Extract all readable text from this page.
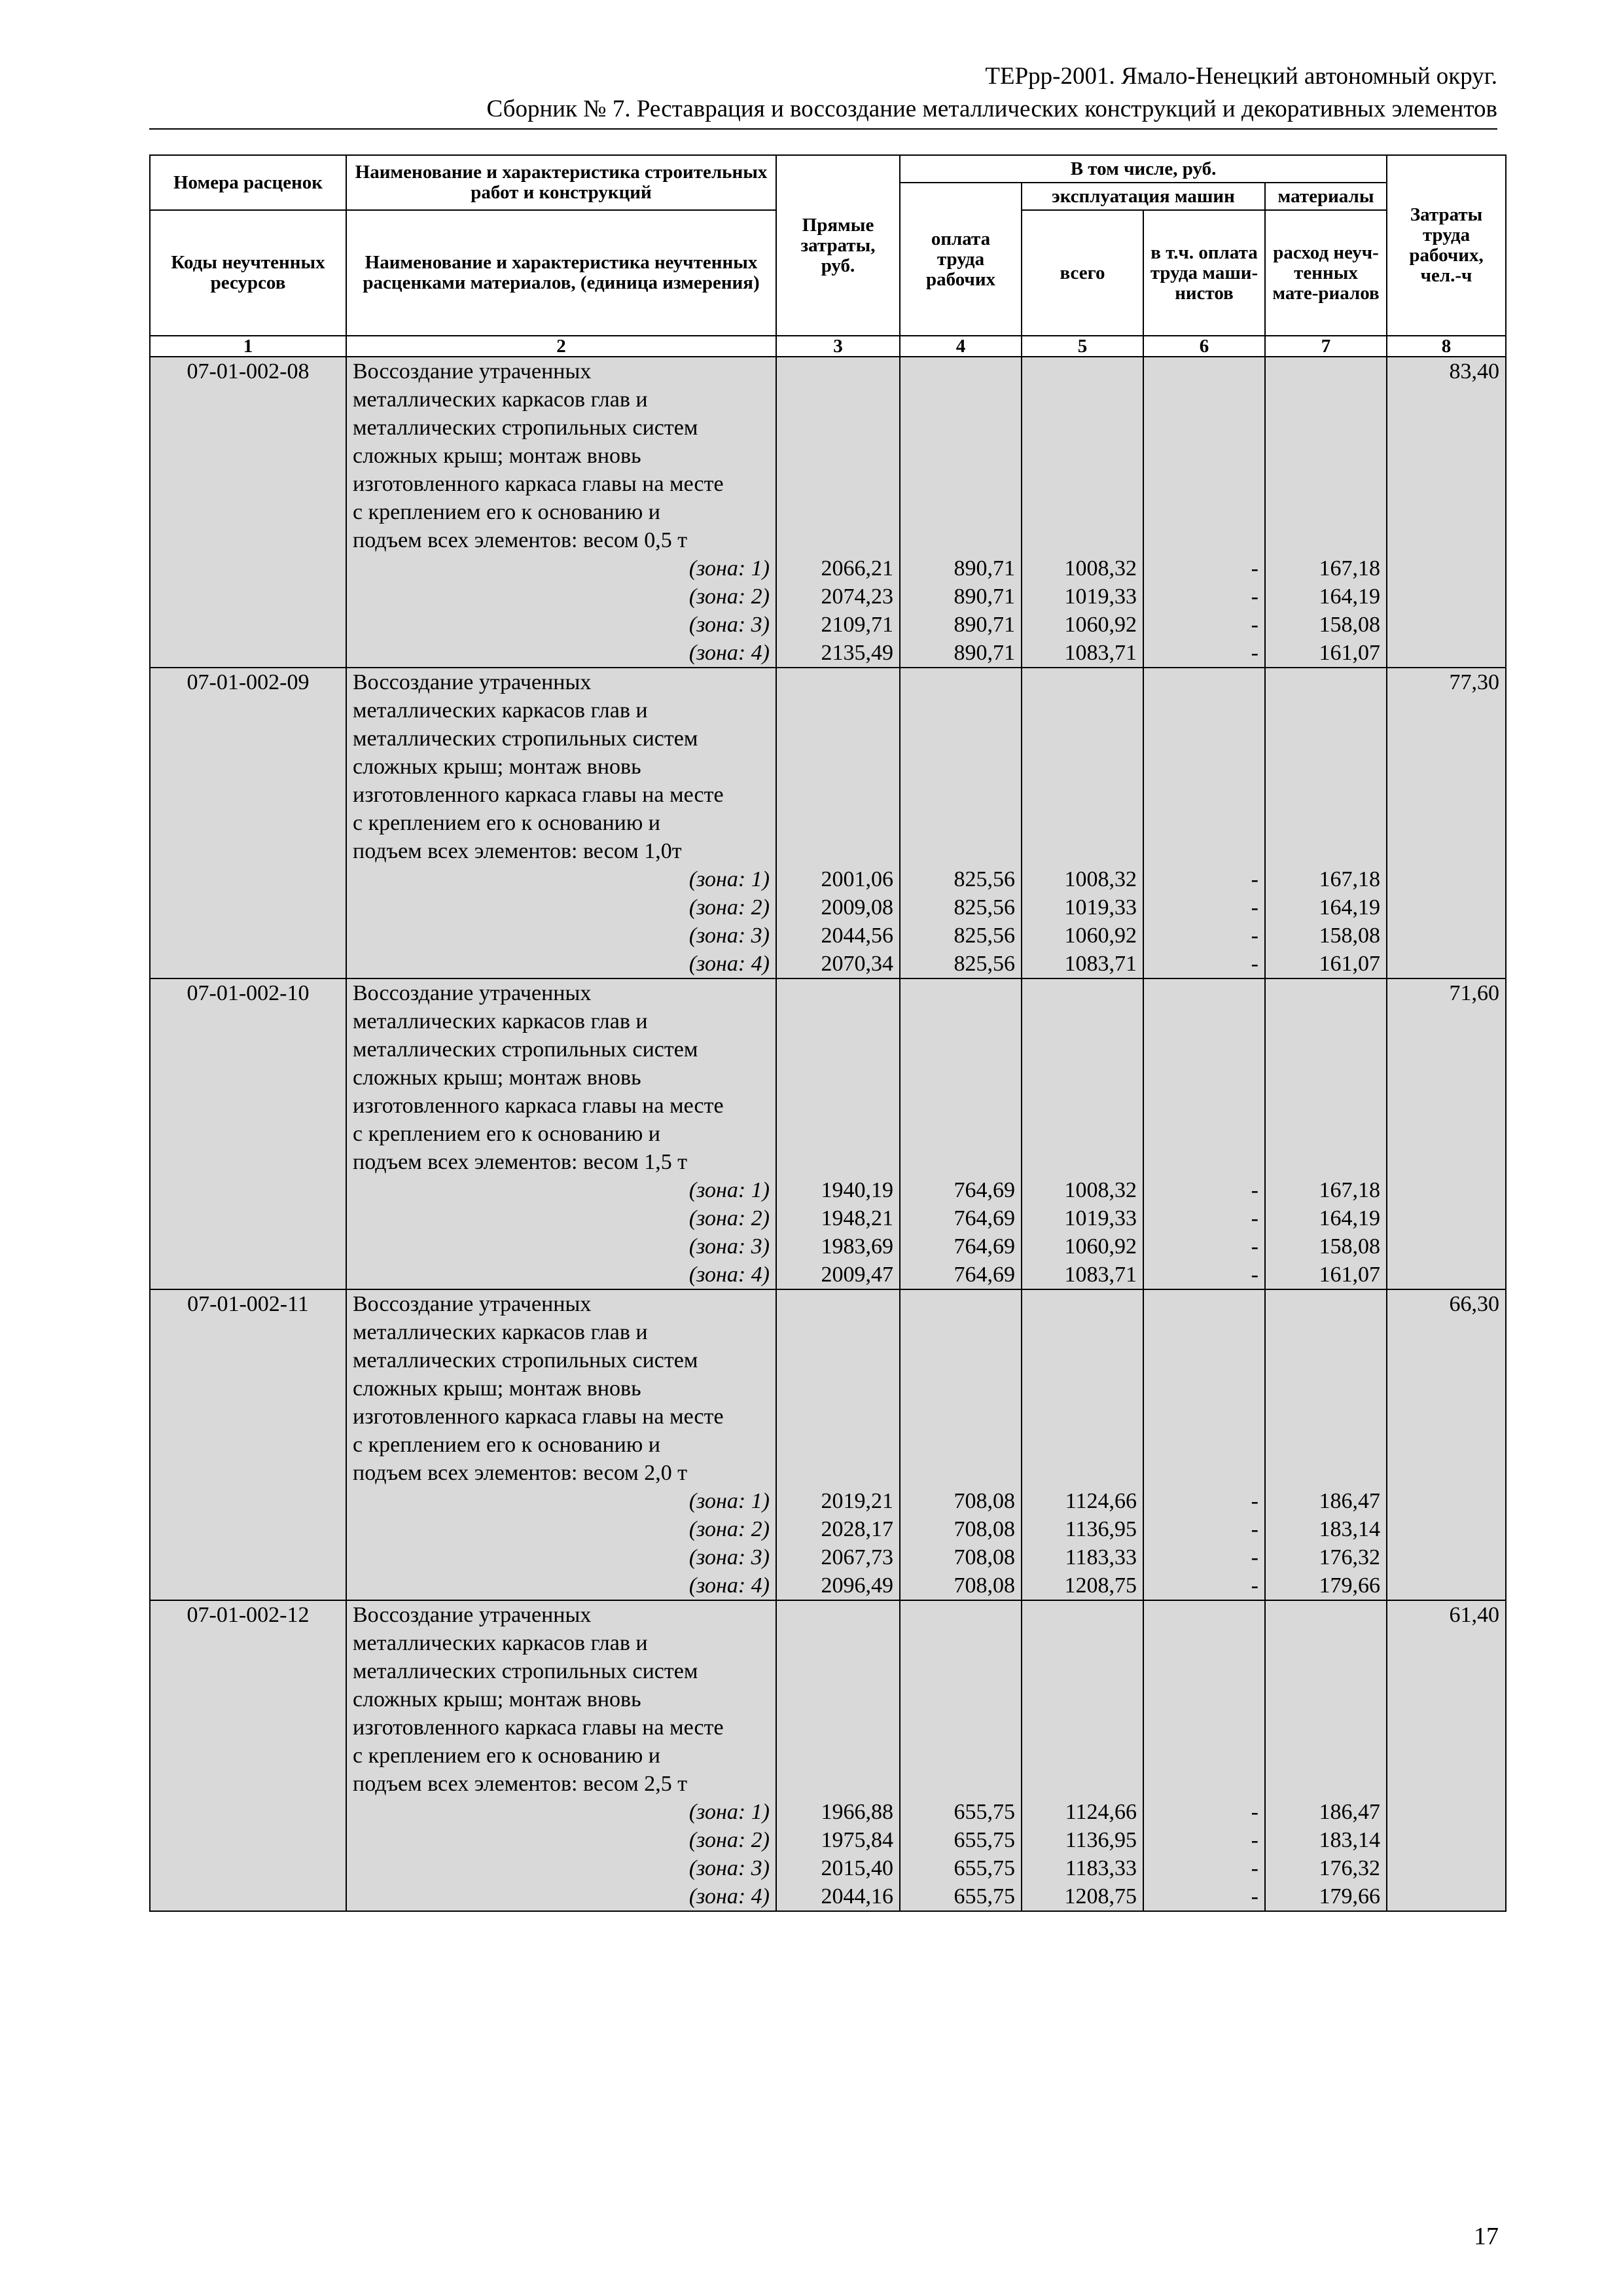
ТЕРрр-2001. Ямало-Ненецкий автономный округ.
Сборник № 7. Реставрация и воссоздание металлических конструкций и декоративных элементов
Номера расценок	Наименование и характеристика строительных работ и конструкций	Прямые затраты, руб.	В том числе, руб.				Затраты труда рабочих, чел.-ч
			оплата труда рабочих	эксплуатация машин		материалы	
Коды неучтенных ресурсов	Наименование и характеристика неучтенных расценками материалов, (единица измерения)			всего	в т.ч. оплата труда маши-нистов	расход неуч-тенных мате-риалов	

1	2	3	4	5	6	7	8
07-01-002-08	Воссоздание утраченных						83,40
	металлических каркасов глав и						
	металлических стропильных систем						
	сложных крыш; монтаж вновь						
	изготовленного каркаса главы на месте						
	с креплением его к основанию и						
	подъем всех элементов: весом 0,5 т						
	(зона: 1)	2066,21	890,71	1008,32	-	167,18	
	(зона: 2)	2074,23	890,71	1019,33	-	164,19	
	(зона: 3)	2109,71	890,71	1060,92	-	158,08	
	(зона: 4)	2135,49	890,71	1083,71	-	161,07	
07-01-002-09	Воссоздание утраченных						77,30
	металлических каркасов глав и						
	металлических стропильных систем						
	сложных крыш; монтаж вновь						
	изготовленного каркаса главы на месте						
	с креплением его к основанию и						
	подъем всех элементов: весом 1,0т						
	(зона: 1)	2001,06	825,56	1008,32	-	167,18	
	(зона: 2)	2009,08	825,56	1019,33	-	164,19	
	(зона: 3)	2044,56	825,56	1060,92	-	158,08	
	(зона: 4)	2070,34	825,56	1083,71	-	161,07	
07-01-002-10	Воссоздание утраченных						71,60
	металлических каркасов глав и						
	металлических стропильных систем						
	сложных крыш; монтаж вновь						
	изготовленного каркаса главы на месте						
	с креплением его к основанию и						
	подъем всех элементов: весом 1,5 т						
	(зона: 1)	1940,19	764,69	1008,32	-	167,18	
	(зона: 2)	1948,21	764,69	1019,33	-	164,19	
	(зона: 3)	1983,69	764,69	1060,92	-	158,08	
	(зона: 4)	2009,47	764,69	1083,71	-	161,07	
07-01-002-11	Воссоздание утраченных						66,30
	металлических каркасов глав и						
	металлических стропильных систем						
	сложных крыш; монтаж вновь						
	изготовленного каркаса главы на месте						
	с креплением его к основанию и						
	подъем всех элементов: весом 2,0 т						
	(зона: 1)	2019,21	708,08	1124,66	-	186,47	
	(зона: 2)	2028,17	708,08	1136,95	-	183,14	
	(зона: 3)	2067,73	708,08	1183,33	-	176,32	
	(зона: 4)	2096,49	708,08	1208,75	-	179,66	
07-01-002-12	Воссоздание утраченных						61,40
	металлических каркасов глав и						
	металлических стропильных систем						
	сложных крыш; монтаж вновь						
	изготовленного каркаса главы на месте						
	с креплением его к основанию и						
	подъем всех элементов: весом 2,5 т						
	(зона: 1)	1966,88	655,75	1124,66	-	186,47	
	(зона: 2)	1975,84	655,75	1136,95	-	183,14	
	(зона: 3)	2015,40	655,75	1183,33	-	176,32	
	(зона: 4)	2044,16	655,75	1208,75	-	179,66	
17
